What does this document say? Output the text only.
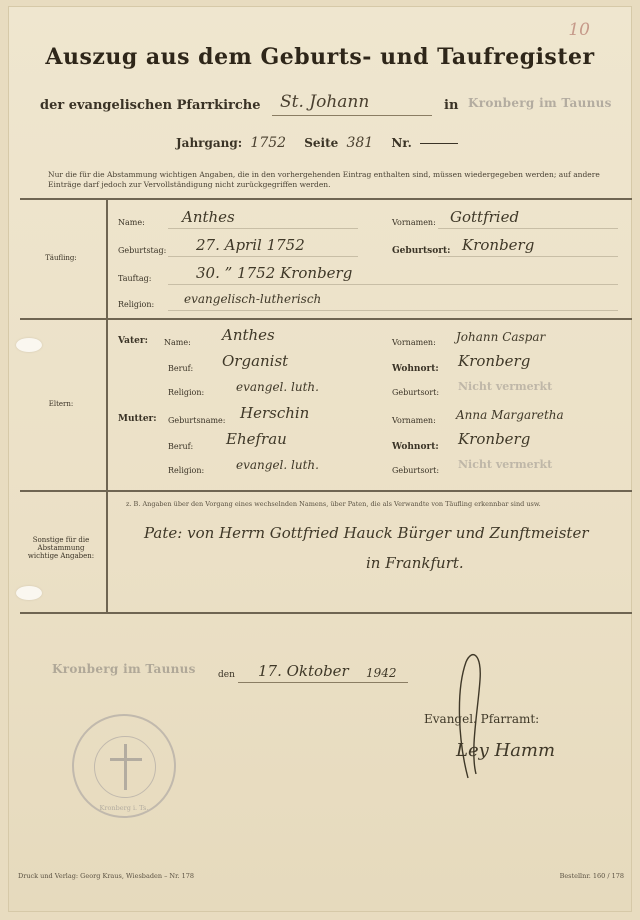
10
Auszug aus dem Geburts- und Taufregister
der evangelischen Pfarrkirche St. Johann	in Kronberg im Taunus
Jahrgang: 1752 Seite 381 Nr.
Nur die für die Abstammung wichtigen Angaben, die in den vorhergehenden Eintrag enthalten sind, müssen wiedergegeben werden; auf andere Einträge darf jedoch zur Vervollständigung nicht zurückgegriffen werden.
Täufling:
Name: Anthes	Vornamen: Gottfried
Geburtstag: 27. April 1752	Geburtsort: Kronberg
Tauftag:	30. ” 1752 Kronberg
Religion: evangelisch-lutherisch
Eltern:
Vater: Name: Anthes	Vornamen: Johann Caspar
Beruf: Organist	Wohnort: Kronberg
Religion:	evangel. luth.	Geburtsort: Nicht vermerkt
Mutter: Geburtsname: Herschin	Vornamen: Anna Margaretha
Beruf: Ehefrau	Wohnort: Kronberg
Religion:	evangel. luth.	Geburtsort: Nicht vermerkt
Sonstige für die Abstammung wichtige Angaben:
z. B. Angaben über den Vorgang eines wechselnden Namens, über Paten, die als Verwandte von Täufling erkennbar sind usw.
Pate: von Herrn Gottfried Hauck Bürger und Zunftmeister
in Frankfurt.
Kronberg im Taunus den 17. Oktober 1942
Evangel. Pfarramt:
Ley Hamm
Kronberg i. Ts.
Druck und Verlag: Georg Kraus, Wiesbaden – Nr. 178	Bestellnr. 160 / 178
